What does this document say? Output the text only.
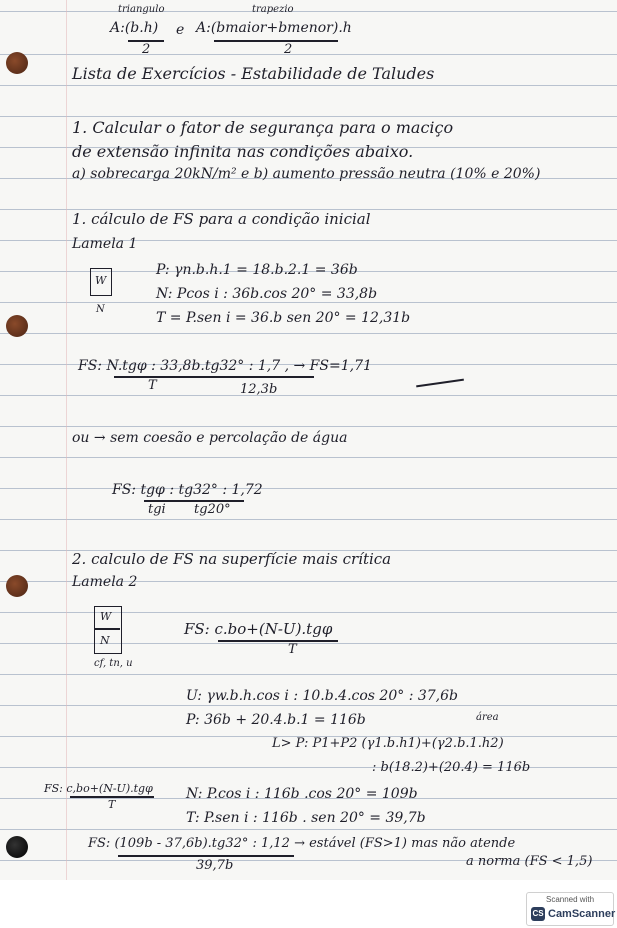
triangulo
A:(b.h)
2
e
trapezio
A:(bmaior+bmenor).h
2
Lista de Exercícios - Estabilidade de Taludes
1. Calcular o fator de segurança para o maciço
de extensão infinita nas condições abaixo.
a) sobrecarga 20kN/m² e b) aumento pressão neutra (10% e 20%)
1. cálculo de FS para a condição inicial
Lamela 1
W
N
P: γn.b.h.1 = 18.b.2.1 = 36b
N: Pcos i : 36b.cos 20° = 33,8b
T = P.sen i = 36.b sen 20° = 12,31b
FS: N.tgφ : 33,8b.tg32° : 1,7 , → FS=1,71
T	12,3b
ou → sem coesão e percolação de água
FS: tgφ : tg32° : 1,72
tgi tg20°
2. calculo de FS na superfície mais crítica
Lamela 2
W
N
cf, tn, u
FS: c.bo+(N-U).tgφ
T
U: γw.b.h.cos i : 10.b.4.cos 20° : 37,6b
P: 36b + 20.4.b.1 = 116b	área
L> P: P1+P2 (γ1.b.h1)+(γ2.b.1.h2)
: b(18.2)+(20.4) = 116b
FS: c,bo+(N-U).tgφ
T
N: P.cos i : 116b .cos 20° = 109b
T: P.sen i : 116b . sen 20° = 39,7b
FS: (109b - 37,6b).tg32° : 1,12 → estável (FS>1) mas não atende
39,7b	a norma (FS < 1,5)
Scanned with
CS CamScanner
